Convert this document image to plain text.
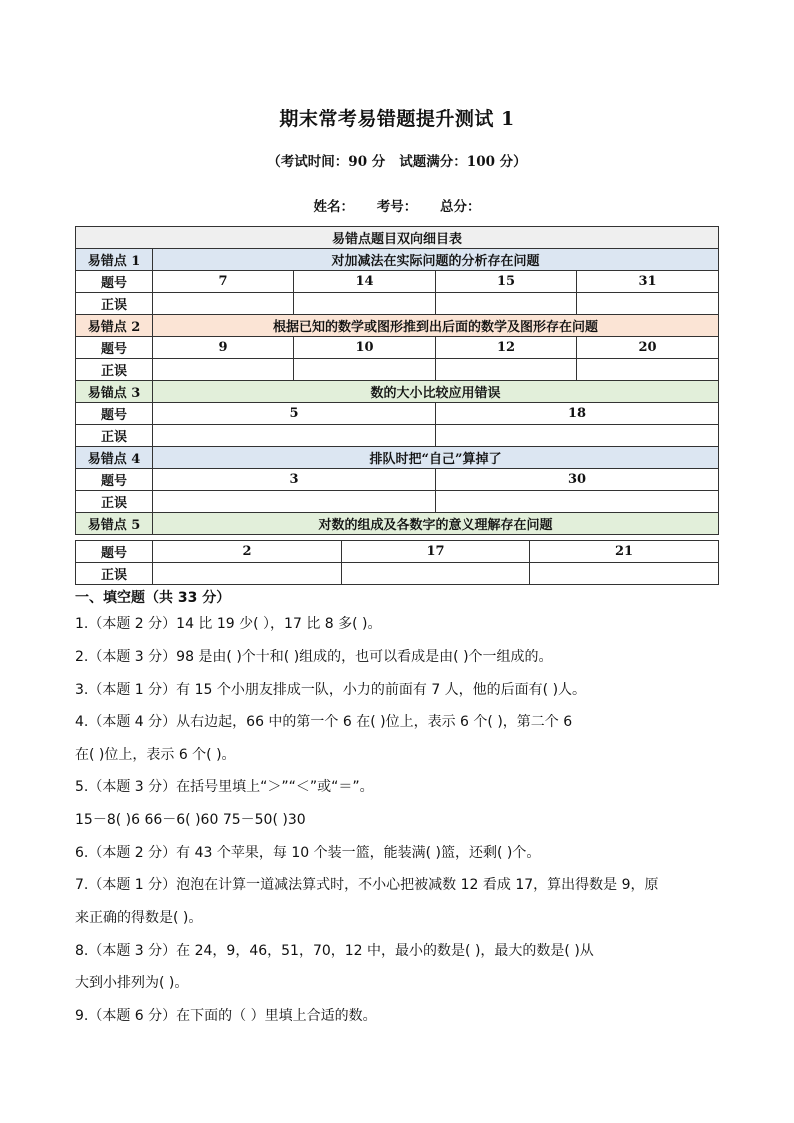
期末常考易错题提升测试 1
（考试时间：90 分 试题满分：100 分）
姓名： 考号： 总分：
易错点题目双向细目表				
易错点 1	对加减法在实际问题的分析存在问题			
题号	7	14	15	31
正误				
易错点 2	根据已知的数学或图形推到出后面的数学及图形存在问题			
题号	9	10	12	20
正误				
易锚点 3	数的大小比较应用错误			
题号	5		18	
正误				
易错点 4	排队时把“自己”算掉了			
题号	3		30	
正误				
易错点 5	对数的组成及各数字的意义理解存在问题			
题号	2	17	21
正误			
一、填空题（共 33 分）
1.（本题 2 分）14 比 19 少( ），17 比 8 多( )。
2.（本题 3 分）98 是由( )个十和( )组成的，也可以看成是由( )个一组成的。
3.（本题 1 分）有 15 个小朋友排成一队，小力的前面有 7 人，他的后面有( )人。
4.（本题 4 分）从右边起，66 中的第一个 6 在( )位上，表示 6 个( )，第二个 6
在( )位上，表示 6 个( )。
5.（本题 3 分）在括号里填上“＞”“＜”或“＝”。
15－8( )6 66－6( )60 75－50( )30
6.（本题 2 分）有 43 个苹果，每 10 个装一篮，能装满( )篮，还剩( )个。
7.（本题 1 分）泡泡在计算一道减法算式时，不小心把被减数 12 看成 17，算出得数是 9，原
来正确的得数是( )。
8.（本题 3 分）在 24，9，46，51，70，12 中，最小的数是( )，最大的数是( )从
大到小排列为( )。
9.（本题 6 分）在下面的（ ）里填上合适的数。
